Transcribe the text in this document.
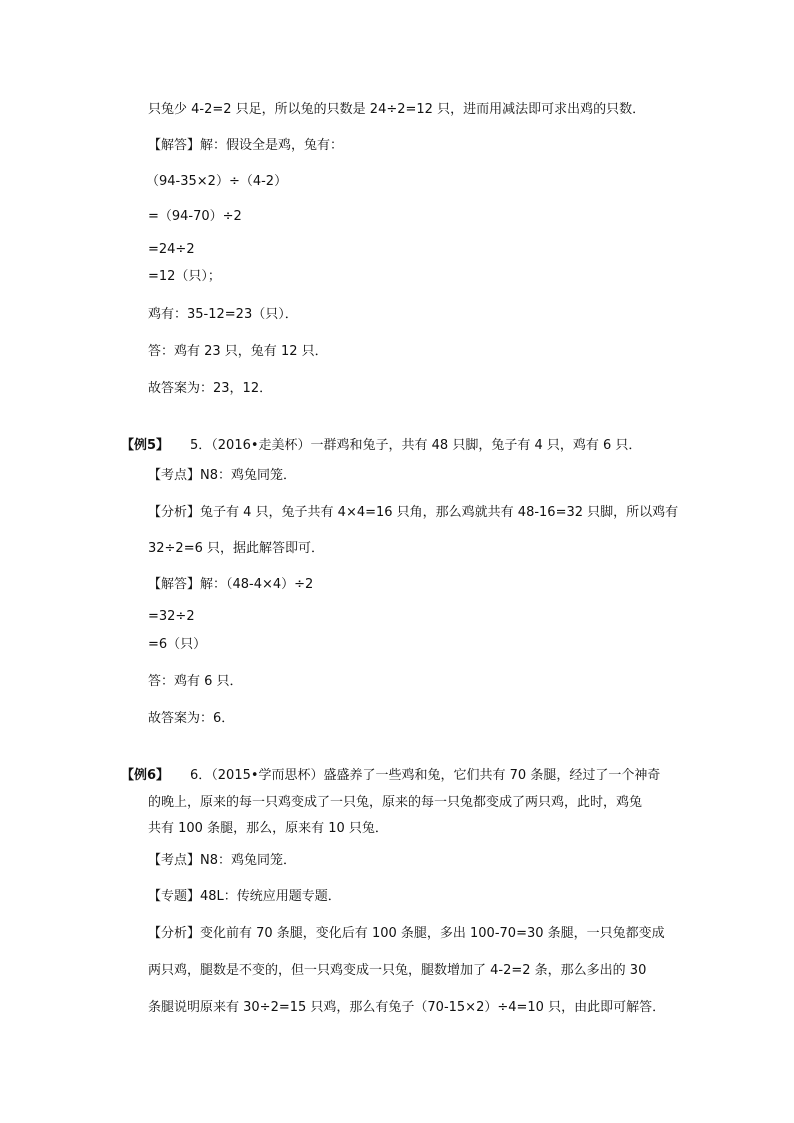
只兔少 4-2=2 只足，所以兔的只数是 24÷2=12 只，进而用减法即可求出鸡的只数．
【解答】解：假设全是鸡，兔有：
（94-35×2）÷（4-2）
=（94-70）÷2
=24÷2
=12（只）；
鸡有：35-12=23（只）．
答：鸡有 23 只，兔有 12 只．
故答案为：23，12．
【例5】 5．（2016•走美杯）一群鸡和兔子，共有 48 只脚，兔子有 4 只，鸡有 6 只．
【考点】N8：鸡兔同笼．
【分析】兔子有 4 只，兔子共有 4×4=16 只角，那么鸡就共有 48-16=32 只脚，所以鸡有
32÷2=6 只，据此解答即可．
【解答】解：（48-4×4）÷2
=32÷2
=6（只）
答：鸡有 6 只．
故答案为：6．
【例6】 6．（2015•学而思杯）盛盛养了一些鸡和兔，它们共有 70 条腿，经过了一个神奇
的晚上，原来的每一只鸡变成了一只兔，原来的每一只兔都变成了两只鸡，此时，鸡兔
共有 100 条腿，那么，原来有 10 只兔．
【考点】N8：鸡兔同笼．
【专题】48L：传统应用题专题．
【分析】变化前有 70 条腿，变化后有 100 条腿，多出 100-70=30 条腿，一只兔都变成
两只鸡，腿数是不变的，但一只鸡变成一只兔，腿数增加了 4-2=2 条，那么多出的 30
条腿说明原来有 30÷2=15 只鸡，那么有兔子（70-15×2）÷4=10 只，由此即可解答．
